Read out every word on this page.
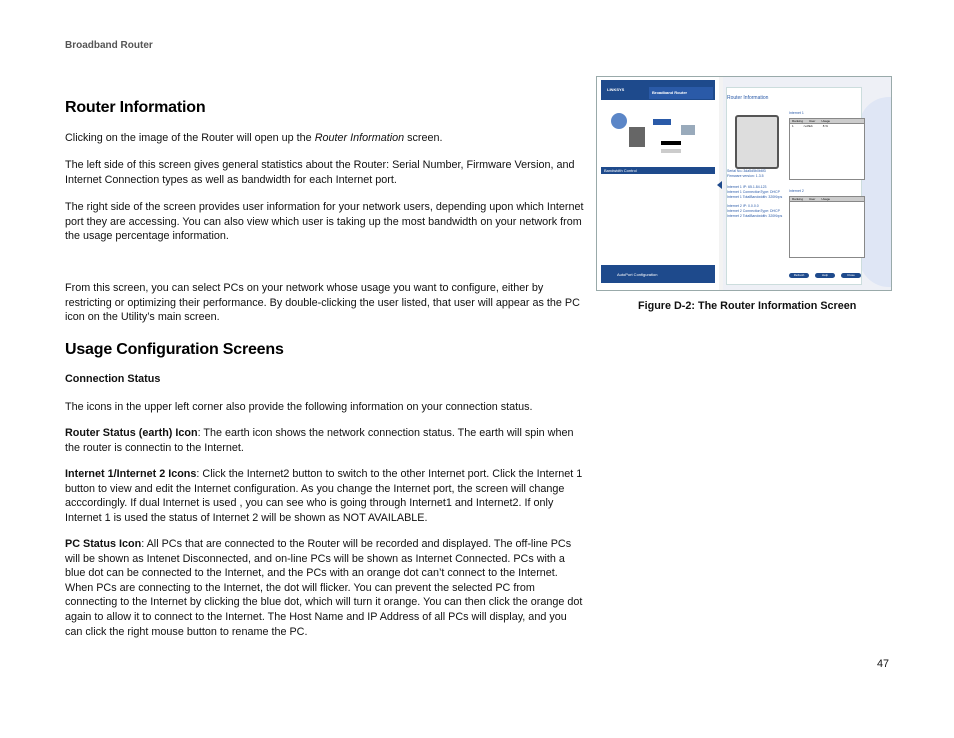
Broadband Router
Router Information

Clicking on the image of the Router will open up the Router Information screen.

The left side of this screen gives general statistics about the Router: Serial Number, Firmware Version, and Internet Connection types as well as bandwidth for each Internet port.

The right side of the screen provides user information for your network users, depending upon which Internet port they are accessing. You can also view which user is taking up the most bandwidth on your network from the usage percentage information.

From this screen, you can select PCs on your network whose usage you want to configure, either by restricting or optimizing their performance. By double-clicking the user listed, that user will appear as the PC icon on the Utility’s main screen.

Usage Configuration Screens
Connection Status

The icons in the upper left corner also provide the following information on your connection status.

Router Status (earth) Icon: The earth icon shows the network connection status. The earth will spin when the router is connectin to the Internet.

Internet 1/Internet 2 Icons: Click the Internet2 button to switch to the other Internet port. Click the Internet 1 button to view and edit the Internet configuration. As you change the Internet port, the screen will change acccordingly. If dual Internet is used , you can see who is going through Internet1 and Internet2. If only Internet 1 is used the status of Internet 2 will be shown as NOT AVAILABLE.

PC Status Icon: All PCs that are connected to the Router will be recorded and displayed. The off-line PCs will be shown as Intenet Disconnected, and on-line PCs will be shown as Internet Connected. PCs with a blue dot can be connected to the Internet, and the PCs with an orange dot can’t connect to the Internet. When PCs are connecting to the Internet, the dot will flicker. You can prevent the selected PC from connecting to the Internet by clicking the blue dot, which will turn it orange. You can then click the orange dot again to allow it to connect to the Internet. The Host Name and IP Address of all PCs will display, and you can click the right mouse button to rename the PC.

LINKSYS
Broadband Router
Bandwidth Control
AutoPort Configuration
Router Information
Internet 1
Ranking User Usage
1	rvdhkb	8 %
Internet 2
Ranking User Usage
Serial No.:3da5d5b0b6f3
Firmware version: 1.3.5
Internet 1 IP: 65.1.84.123
Internet 1 ConnectionType: DHCP
Internet 1 TotalBandwidth: 320Kbps
Internet 2 IP: 0.0.0.0
Internet 2 ConnectionType: DHCP
Internet 2 TotalBandwidth: 320Kbps
Refresh	Help	Close
Figure D-2: The Router Information Screen
47
